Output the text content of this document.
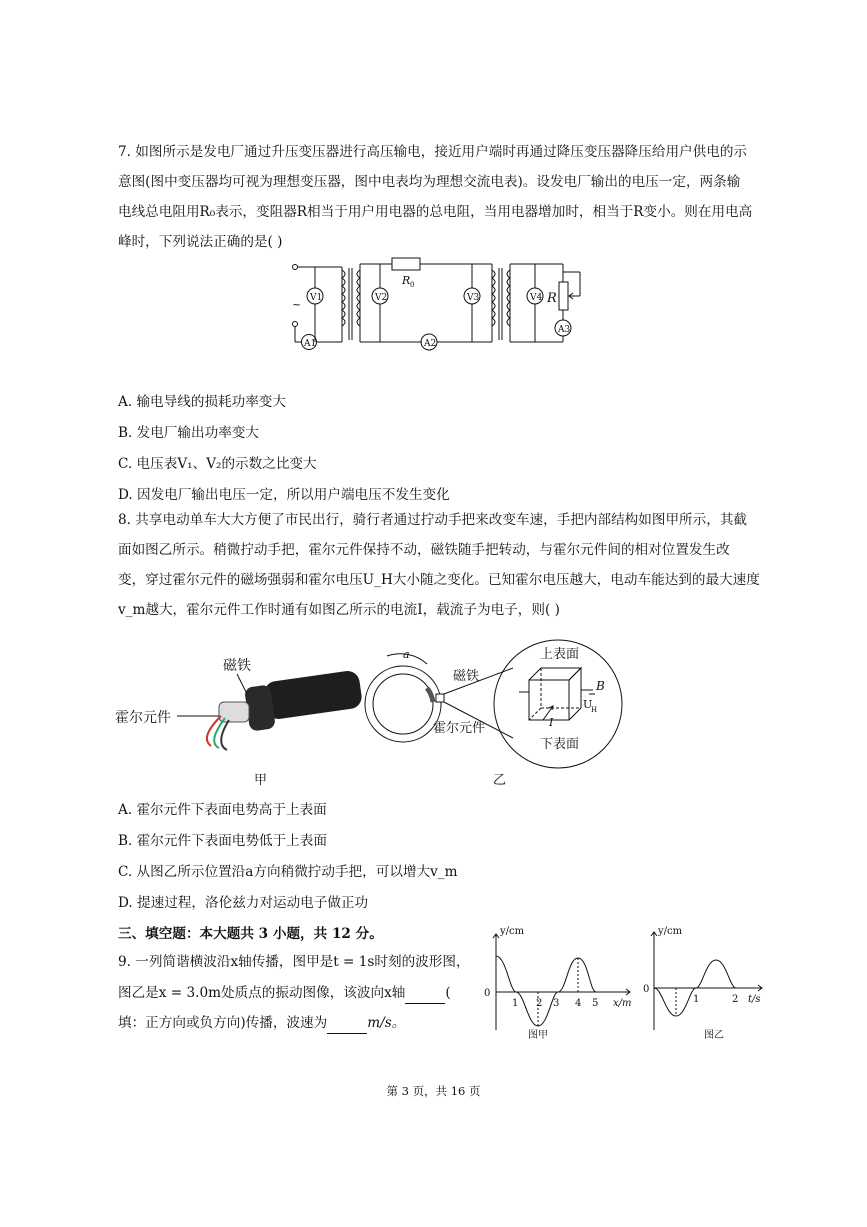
7. 如图所示是发电厂通过升压变压器进行高压输电，接近用户端时再通过降压变压器降压给用户供电的示
意图(图中变压器均可视为理想变压器，图中电表均为理想交流电表)。设发电厂输出的电压一定，两条输
电线总电阻用R₀表示，变阻器R相当于用户用电器的总电阻，当用电器增加时，相当于R变小。则在用电高
峰时，下列说法正确的是( )
~ V1
A1
V2	V3	V4
A2
A3
R 0
R
A. 输电导线的损耗功率变大
B. 发电厂输出功率变大
C. 电压表V₁、V₂的示数之比变大
D. 因发电厂输出电压一定，所以用户端电压不发生变化
8. 共享电动单车大大方便了市民出行，骑行者通过拧动手把来改变车速，手把内部结构如图甲所示，其截
面如图乙所示。稍微拧动手把，霍尔元件保持不动，磁铁随手把转动，与霍尔元件间的相对位置发生改
变，穿过霍尔元件的磁场强弱和霍尔电压U_H大小随之变化。已知霍尔电压越大，电动车能达到的最大速度
v_m越大，霍尔元件工作时通有如图乙所示的电流I，载流子为电子，则( )
磁铁
霍尔元件
a
磁铁
霍尔元件
上表面
下表面
B
U
H
I
甲	乙
A. 霍尔元件下表面电势高于上表面
B. 霍尔元件下表面电势低于上表面
C. 从图乙所示位置沿a方向稍微拧动手把，可以增大v_m
D. 提速过程，洛伦兹力对运动电子做正功
三、填空题：本大题共 3 小题，共 12 分。
9. 一列简谐横波沿x轴传播，图甲是t = 1s时刻的波形图，
图乙是x = 3.0m处质点的振动图像，该波向x轴	(
填：正方向或负方向)传播，波速为	m/s。
y/cm
0
x/m
1 2 3 4 5
图甲
y/cm
0
t/s
1	2
图乙
第 3 页，共 16 页
